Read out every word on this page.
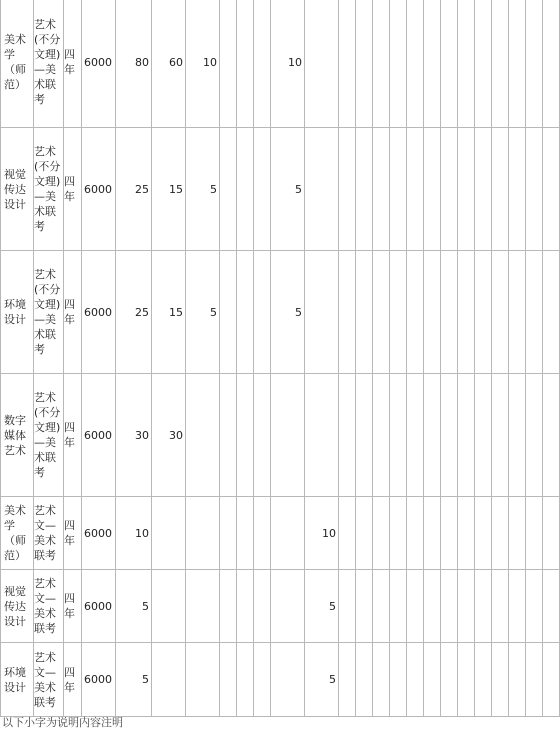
美术学（师范）	艺术(不分文理)—美术联考	四年	6000	80	60	10				10														
视觉传达设计	艺术(不分文理)—美术联考	四年	6000	25	15	5				5														
环境设计	艺术(不分文理)—美术联考	四年	6000	25	15	5				5														
数字媒体艺术	艺术(不分文理)—美术联考	四年	6000	30	30																			
美术学（师范）	艺术文—美术联考	四年	6000	10							10													
视觉传达设计	艺术文—美术联考	四年	6000	5							5													
环境设计	艺术文—美术联考	四年	6000	5							5													
以下小字为说明内容注明
